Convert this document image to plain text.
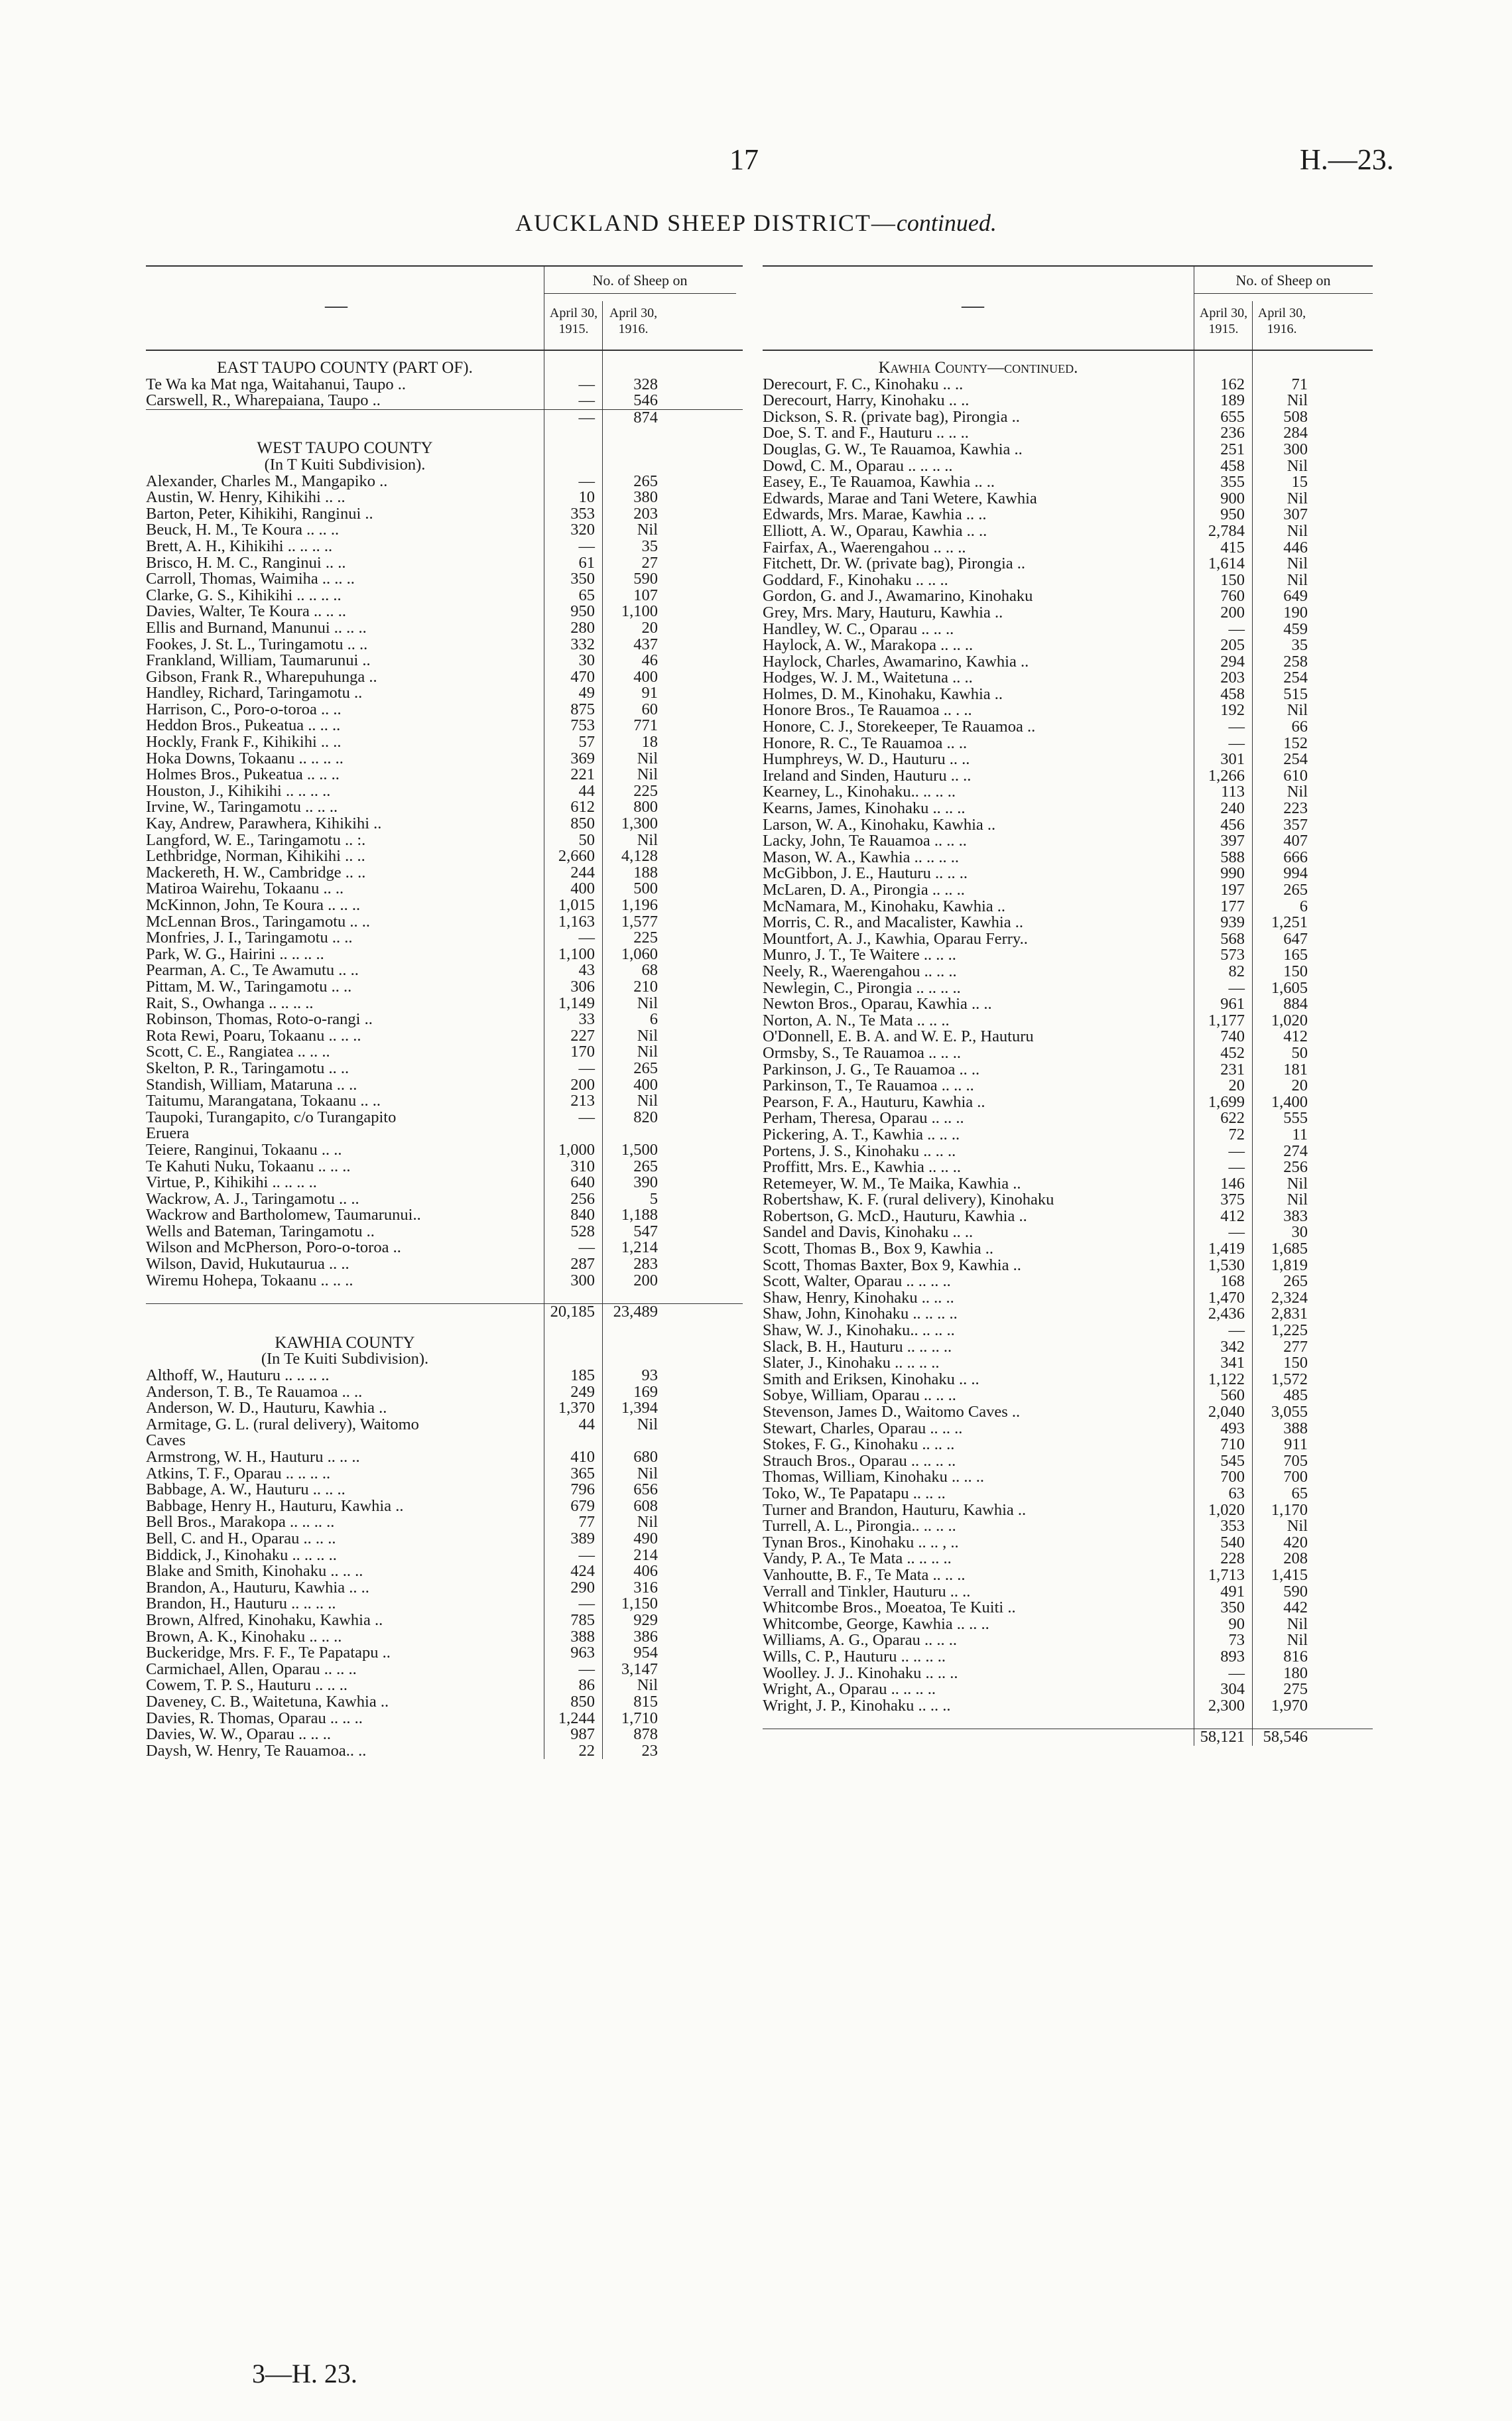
17	H.—23.
AUCKLAND SHEEP DISTRICT—continued.
—
No. of Sheep on
April 30,
1915.
April 30,
1916.
EAST TAUPO COUNTY (PART OF).
Te Wa ka Mat nga, Waitahanui, Taupo ..	—	328
Carswell, R., Wharepaiana, Taupo ..	—	546
—	874
WEST TAUPO COUNTY
(In T Kuiti Subdivision).
Alexander, Charles M., Mangapiko ..	—	265
Austin, W. Henry, Kihikihi .. ..	10	380
Barton, Peter, Kihikihi, Ranginui ..	353	203
Beuck, H. M., Te Koura .. .. ..	320	Nil
Brett, A. H., Kihikihi .. .. .. ..	—	35
Brisco, H. M. C., Ranginui .. ..	61	27
Carroll, Thomas, Waimiha .. .. ..	350	590
Clarke, G. S., Kihikihi .. .. .. ..	65	107
Davies, Walter, Te Koura .. .. ..	950	1,100
Ellis and Burnand, Manunui .. .. ..	280	20
Fookes, J. St. L., Turingamotu .. ..	332	437
Frankland, William, Taumarunui ..	30	46
Gibson, Frank R., Wharepuhunga ..	470	400
Handley, Richard, Taringamotu ..	49	91
Harrison, C., Poro-o-toroa .. ..	875	60
Heddon Bros., Pukeatua .. .. ..	753	771
Hockly, Frank F., Kihikihi .. ..	57	18
Hoka Downs, Tokaanu .. .. .. ..	369	Nil
Holmes Bros., Pukeatua .. .. ..	221	Nil
Houston, J., Kihikihi .. .. .. ..	44	225
Irvine, W., Taringamotu .. .. ..	612	800
Kay, Andrew, Parawhera, Kihikihi ..	850	1,300
Langford, W. E., Taringamotu .. :.	50	Nil
Lethbridge, Norman, Kihikihi .. ..	2,660	4,128
Mackereth, H. W., Cambridge .. ..	244	188
Matiroa Wairehu, Tokaanu .. ..	400	500
McKinnon, John, Te Koura .. .. ..	1,015	1,196
McLennan Bros., Taringamotu .. ..	1,163	1,577
Monfries, J. I., Taringamotu .. ..	—	225
Park, W. G., Hairini .. .. .. ..	1,100	1,060
Pearman, A. C., Te Awamutu .. ..	43	68
Pittam, M. W., Taringamotu .. ..	306	210
Rait, S., Owhanga .. .. .. ..	1,149	Nil
Robinson, Thomas, Roto-o-rangi ..	33	6
Rota Rewi, Poaru, Tokaanu .. .. ..	227	Nil
Scott, C. E., Rangiatea .. .. ..	170	Nil
Skelton, P. R., Taringamotu .. ..	—	265
Standish, William, Mataruna .. ..	200	400
Taitumu, Marangatana, Tokaanu .. ..	213	Nil
Taupoki, Turangapito, c/o Turangapito	—	820
Eruera
Teiere, Ranginui, Tokaanu .. ..	1,000	1,500
Te Kahuti Nuku, Tokaanu .. .. ..	310	265
Virtue, P., Kihikihi .. .. .. ..	640	390
Wackrow, A. J., Taringamotu .. ..	256	5
Wackrow and Bartholomew, Taumarunui..	840	1,188
Wells and Bateman, Taringamotu ..	528	547
Wilson and McPherson, Poro-o-toroa ..	—	1,214
Wilson, David, Hukutaurua .. ..	287	283
Wiremu Hohepa, Tokaanu .. .. ..	300	200
20,185	23,489
KAWHIA COUNTY
(In Te Kuiti Subdivision).
Althoff, W., Hauturu .. .. .. ..	185	93
Anderson, T. B., Te Rauamoa .. ..	249	169
Anderson, W. D., Hauturu, Kawhia ..	1,370	1,394
Armitage, G. L. (rural delivery), Waitomo	44	Nil
Caves
Armstrong, W. H., Hauturu .. .. ..	410	680
Atkins, T. F., Oparau .. .. .. ..	365	Nil
Babbage, A. W., Hauturu .. .. ..	796	656
Babbage, Henry H., Hauturu, Kawhia ..	679	608
Bell Bros., Marakopa .. .. .. ..	77	Nil
Bell, C. and H., Oparau .. .. ..	389	490
Biddick, J., Kinohaku .. .. .. ..	—	214
Blake and Smith, Kinohaku .. .. ..	424	406
Brandon, A., Hauturu, Kawhia .. ..	290	316
Brandon, H., Hauturu .. .. .. ..	—	1,150
Brown, Alfred, Kinohaku, Kawhia ..	785	929
Brown, A. K., Kinohaku .. .. ..	388	386
Buckeridge, Mrs. F. F., Te Papatapu ..	963	954
Carmichael, Allen, Oparau .. .. ..	—	3,147
Cowem, T. P. S., Hauturu .. .. ..	86	Nil
Daveney, C. B., Waitetuna, Kawhia ..	850	815
Davies, R. Thomas, Oparau .. .. ..	1,244	1,710
Davies, W. W., Oparau .. .. ..	987	878
Daysh, W. Henry, Te Rauamoa.. ..	22	23
—
No. of Sheep on
April 30,
1915.
April 30,
1916.
Kawhia County—continued.
Derecourt, F. C., Kinohaku .. ..	162	71
Derecourt, Harry, Kinohaku .. ..	189	Nil
Dickson, S. R. (private bag), Pirongia ..	655	508
Doe, S. T. and F., Hauturu .. .. ..	236	284
Douglas, G. W., Te Rauamoa, Kawhia ..	251	300
Dowd, C. M., Oparau .. .. .. ..	458	Nil
Easey, E., Te Rauamoa, Kawhia .. ..	355	15
Edwards, Marae and Tani Wetere, Kawhia	900	Nil
Edwards, Mrs. Marae, Kawhia .. ..	950	307
Elliott, A. W., Oparau, Kawhia .. ..	2,784	Nil
Fairfax, A., Waerengahou .. .. ..	415	446
Fitchett, Dr. W. (private bag), Pirongia ..	1,614	Nil
Goddard, F., Kinohaku .. .. ..	150	Nil
Gordon, G. and J., Awamarino, Kinohaku	760	649
Grey, Mrs. Mary, Hauturu, Kawhia ..	200	190
Handley, W. C., Oparau .. .. ..	—	459
Haylock, A. W., Marakopa .. .. ..	205	35
Haylock, Charles, Awamarino, Kawhia ..	294	258
Hodges, W. J. M., Waitetuna .. ..	203	254
Holmes, D. M., Kinohaku, Kawhia ..	458	515
Honore Bros., Te Rauamoa .. . ..	192	Nil
Honore, C. J., Storekeeper, Te Rauamoa ..	—	66
Honore, R. C., Te Rauamoa .. ..	—	152
Humphreys, W. D., Hauturu .. ..	301	254
Ireland and Sinden, Hauturu .. ..	1,266	610
Kearney, L., Kinohaku.. .. .. ..	113	Nil
Kearns, James, Kinohaku .. .. ..	240	223
Larson, W. A., Kinohaku, Kawhia ..	456	357
Lacky, John, Te Rauamoa .. .. ..	397	407
Mason, W. A., Kawhia .. .. .. ..	588	666
McGibbon, J. E., Hauturu .. .. ..	990	994
McLaren, D. A., Pirongia .. .. ..	197	265
McNamara, M., Kinohaku, Kawhia ..	177	6
Morris, C. R., and Macalister, Kawhia ..	939	1,251
Mountfort, A. J., Kawhia, Oparau Ferry..	568	647
Munro, J. T., Te Waitere .. .. ..	573	165
Neely, R., Waerengahou .. .. ..	82	150
Newlegin, C., Pirongia .. .. .. ..	—	1,605
Newton Bros., Oparau, Kawhia .. ..	961	884
Norton, A. N., Te Mata .. .. ..	1,177	1,020
O'Donnell, E. B. A. and W. E. P., Hauturu	740	412
Ormsby, S., Te Rauamoa .. .. ..	452	50
Parkinson, J. G., Te Rauamoa .. ..	231	181
Parkinson, T., Te Rauamoa .. .. ..	20	20
Pearson, F. A., Hauturu, Kawhia ..	1,699	1,400
Perham, Theresa, Oparau .. .. ..	622	555
Pickering, A. T., Kawhia .. .. ..	72	11
Portens, J. S., Kinohaku .. .. ..	—	274
Proffitt, Mrs. E., Kawhia .. .. ..	—	256
Retemeyer, W. M., Te Maika, Kawhia ..	146	Nil
Robertshaw, K. F. (rural delivery), Kinohaku	375	Nil
Robertson, G. McD., Hauturu, Kawhia ..	412	383
Sandel and Davis, Kinohaku .. ..	—	30
Scott, Thomas B., Box 9, Kawhia ..	1,419	1,685
Scott, Thomas Baxter, Box 9, Kawhia ..	1,530	1,819
Scott, Walter, Oparau .. .. .. ..	168	265
Shaw, Henry, Kinohaku .. .. ..	1,470	2,324
Shaw, John, Kinohaku .. .. .. ..	2,436	2,831
Shaw, W. J., Kinohaku.. .. .. ..	—	1,225
Slack, B. H., Hauturu .. .. .. ..	342	277
Slater, J., Kinohaku .. .. .. ..	341	150
Smith and Eriksen, Kinohaku .. ..	1,122	1,572
Sobye, William, Oparau .. .. ..	560	485
Stevenson, James D., Waitomo Caves ..	2,040	3,055
Stewart, Charles, Oparau .. .. ..	493	388
Stokes, F. G., Kinohaku .. .. ..	710	911
Strauch Bros., Oparau .. .. .. ..	545	705
Thomas, William, Kinohaku .. .. ..	700	700
Toko, W., Te Papatapu .. .. ..	63	65
Turner and Brandon, Hauturu, Kawhia ..	1,020	1,170
Turrell, A. L., Pirongia.. .. .. ..	353	Nil
Tynan Bros., Kinohaku .. .. , ..	540	420
Vandy, P. A., Te Mata .. .. .. ..	228	208
Vanhoutte, B. F., Te Mata .. .. ..	1,713	1,415
Verrall and Tinkler, Hauturu .. ..	491	590
Whitcombe Bros., Moeatoa, Te Kuiti ..	350	442
Whitcombe, George, Kawhia .. .. ..	90	Nil
Williams, A. G., Oparau .. .. ..	73	Nil
Wills, C. P., Hauturu .. .. .. ..	893	816
Woolley. J. J.. Kinohaku .. .. ..	—	180
Wright, A., Oparau .. .. .. ..	304	275
Wright, J. P., Kinohaku .. .. ..	2,300	1,970
58,121	58,546
3—H. 23.
